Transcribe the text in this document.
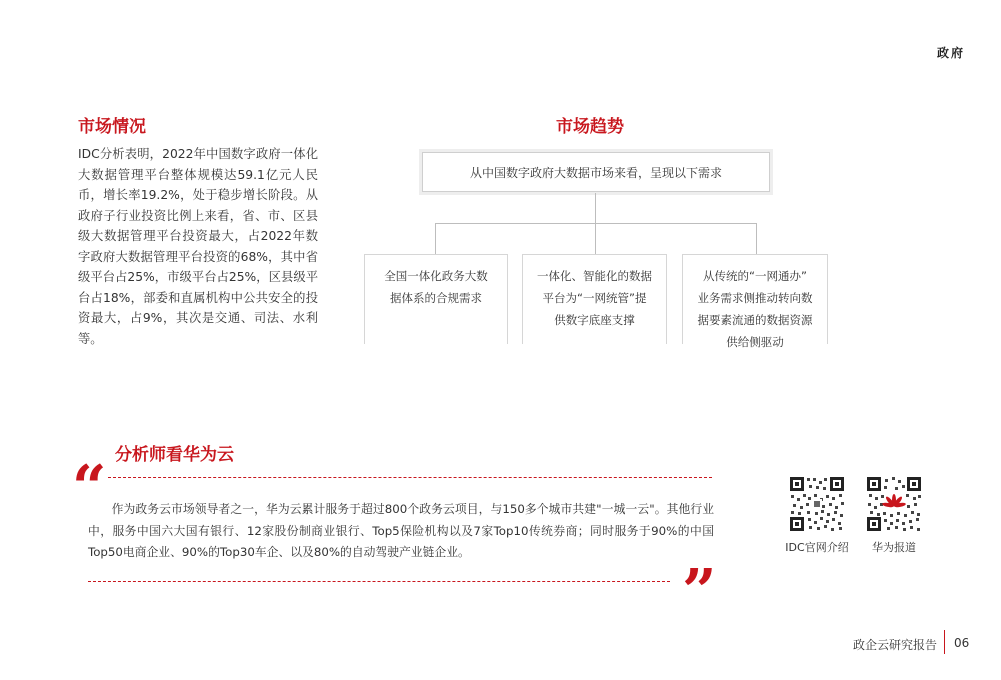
政府
市场情况

IDC分析表明，2022年中国数字政府一体化大数据管理平台整体规模达59.1亿元人民币，增长率19.2%，处于稳步增长阶段。从政府子行业投资比例上来看，省、市、区县级大数据管理平台投资最大，占2022年数字政府大数据管理平台投资的68%，其中省级平台占25%，市级平台占25%，区县级平台占18%，部委和直属机构中公共安全的投资最大，占9%，其次是交通、司法、水利等。

市场趋势
从中国数字政府大数据市场来看，呈现以下需求
全国一体化政务大数
据体系的合规需求
一体化、智能化的数据
平台为“一网统管”提
供数字底座支撑
从传统的“一网通办”
业务需求侧推动转向数
据要素流通的数据资源
供给侧驱动
分析师看华为云
“ 作为政务云市场领导者之一，华为云累计服务于超过800个政务云项目，与150多个城市共建"一城一云"。其他行业中，服务中国六大国有银行、12家股份制商业银行、Top5保险机构以及7家Top10传统券商；同时服务于90%的中国Top50电商企业、90%的Top30车企、以及80%的自动驾驶产业链企业。
”
IDC官网介绍	华为报道
政企云研究报告 06
